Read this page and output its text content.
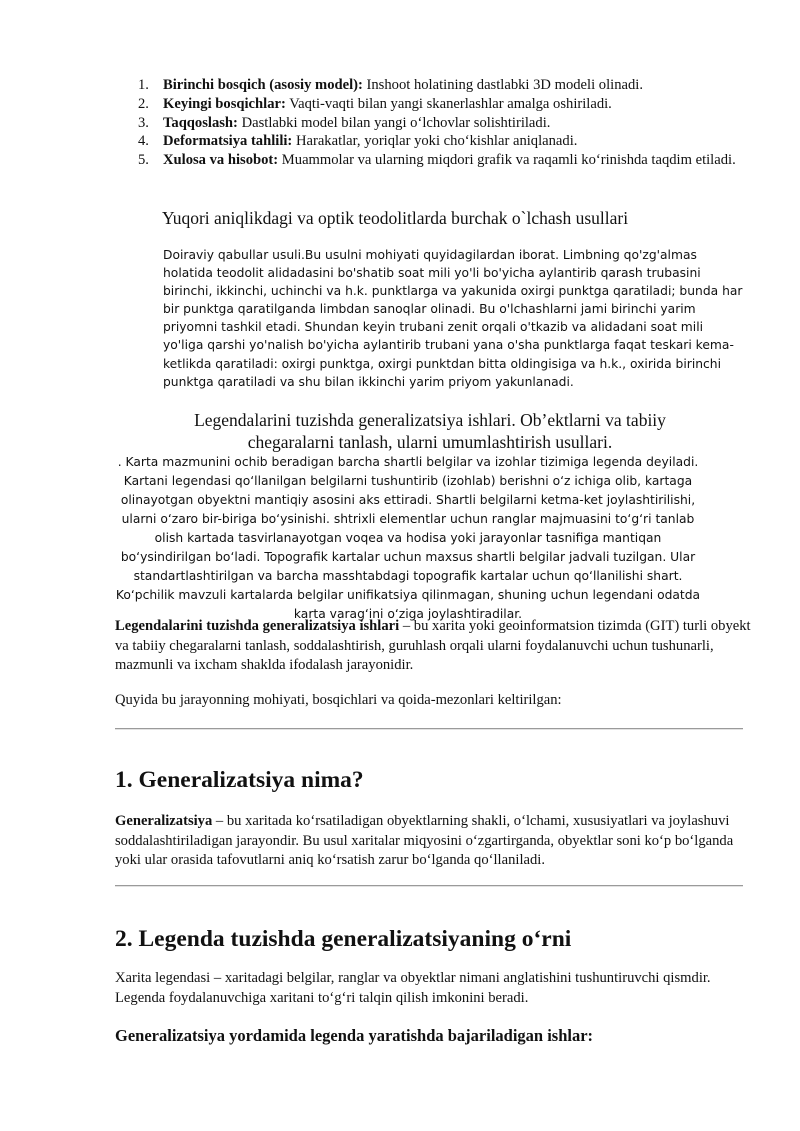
1. Birinchi bosqich (asosiy model): Inshoot holatining dastlabki 3D modeli olinadi.
2. Keyingi bosqichlar: Vaqti-vaqti bilan yangi skanerlashlar amalga oshiriladi.
3. Taqqoslash: Dastlabki model bilan yangi o‘lchovlar solishtiriladi.
4. Deformatsiya tahlili: Harakatlar, yoriqlar yoki cho‘kishlar aniqlanadi.
5. Xulosa va hisobot: Muammolar va ularning miqdori grafik va raqamli ko‘rinishda taqdim etiladi.
Yuqori aniqlikdagi va optik teodolitlarda burchak o`lchash usullari

Doiraviy qabullar usuli.Bu usulni mohiyati quyidagilardan iborat. Limbning qo'zg'almas holatida teodolit alidadasini bo'shatib soat mili yo'li bo'yicha aylantirib qarash trubasini birinchi, ikkinchi, uchinchi va h.k. punktlarga va yakunida oxirgi punktga qaratiladi; bunda har bir punktga qaratilganda limbdan sanoqlar olinadi. Bu o'lchashlarni jami birinchi yarim priyomni tashkil etadi. Shundan keyin trubani zenit orqali o'tkazib va alidadani soat mili yo'liga qarshi yo'nalish bo'yicha aylantirib trubani yana o'sha punktlarga faqat teskari kema-ketlikda qaratiladi: oxirgi punktga, oxirgi punktdan bitta oldingisiga va h.k., oxirida birinchi punktga qaratiladi va shu bilan ikkinchi yarim priyom yakunlanadi.

Legendalarini tuzishda generalizatsiya ishlari. Ob’ektlarni va tabiiy chegaralarni tanlash, ularni umumlashtirish usullari.

. Karta mazmunini ochib beradigan barcha shartli belgilar va izohlar tizimiga legenda deyiladi. Kartani legendasi qo‘llanilgan belgilarni tushuntirib (izohlab) berishni o‘z ichiga olib, kartaga olinayotgan obyektni mantiqiy asosini aks ettiradi. Shartli belgilarni ketma-ket joylashtirilishi, ularni o‘zaro bir-biriga bo‘ysinishi. shtrixli elementlar uchun ranglar majmuasini to‘g‘ri tanlab olish kartada tasvirlanayotgan voqea va hodisa yoki jarayonlar tasnifiga mantiqan bo‘ysindirilgan bo‘ladi. Topografik kartalar uchun maxsus shartli belgilar jadvali tuzilgan. Ular standartlashtirilgan va barcha masshtabdagi topografik kartalar uchun qo‘llanilishi shart. Ko‘pchilik mavzuli kartalarda belgilar unifikatsiya qilinmagan, shuning uchun legendani odatda karta varag‘ini o‘ziga joylashtiradilar.

Legendalarini tuzishda generalizatsiya ishlari – bu xarita yoki geoinformatsion tizimda (GIT) turli obyekt va tabiiy chegaralarni tanlash, soddalashtirish, guruhlash orqali ularni foydalanuvchi uchun tushunarli, mazmunli va ixcham shaklda ifodalash jarayonidir.

Quyida bu jarayonning mohiyati, bosqichlari va qoida-mezonlari keltirilgan:

1. Generalizatsiya nima?

Generalizatsiya – bu xaritada ko‘rsatiladigan obyektlarning shakli, o‘lchami, xususiyatlari va joylashuvi soddalashtiriladigan jarayondir. Bu usul xaritalar miqyosini o‘zgartirganda, obyektlar soni ko‘p bo‘lganda yoki ular orasida tafovutlarni aniq ko‘rsatish zarur bo‘lganda qo‘llaniladi.

2. Legenda tuzishda generalizatsiyaning o‘rni

Xarita legendasi – xaritadagi belgilar, ranglar va obyektlar nimani anglatishini tushuntiruvchi qismdir. Legenda foydalanuvchiga xaritani to‘g‘ri talqin qilish imkonini beradi.

Generalizatsiya yordamida legenda yaratishda bajariladigan ishlar:
